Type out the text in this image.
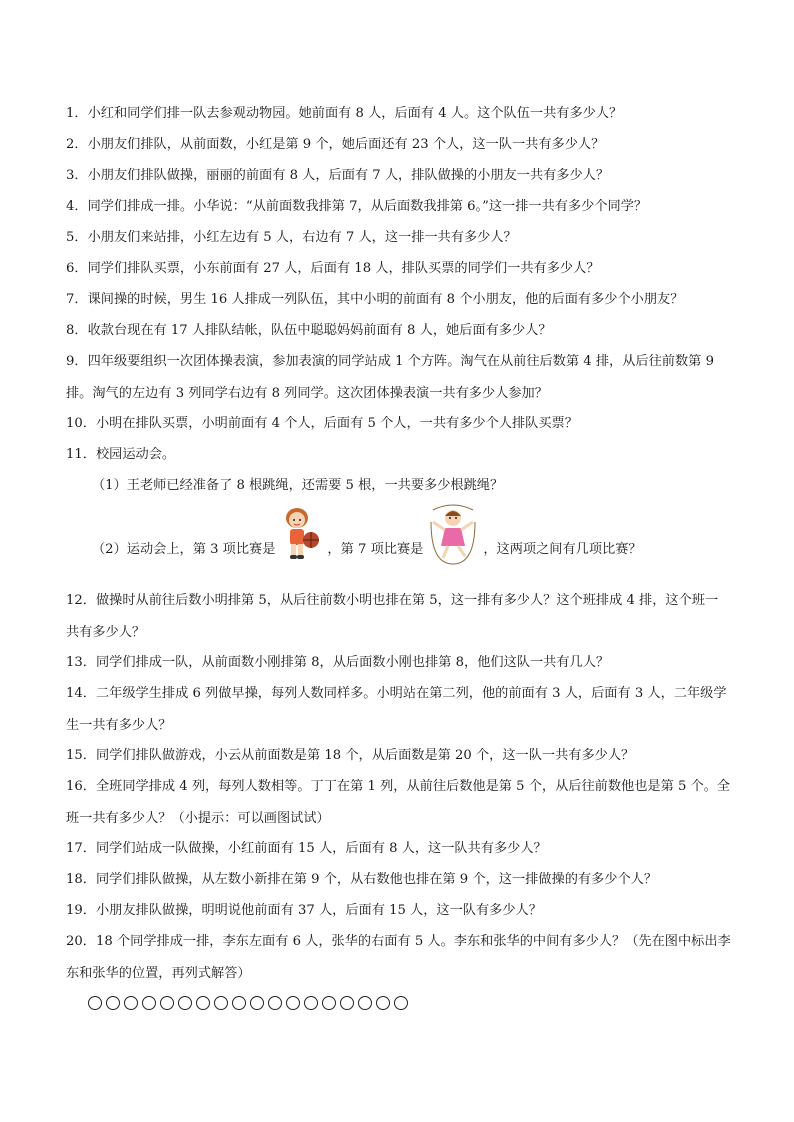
1．小红和同学们排一队去参观动物园。她前面有 8 人，后面有 4 人。这个队伍一共有多少人？
2．小朋友们排队，从前面数，小红是第 9 个，她后面还有 23 个人，这一队一共有多少人？
3．小朋友们排队做操，丽丽的前面有 8 人，后面有 7 人，排队做操的小朋友一共有多少人？
4．同学们排成一排。小华说：“从前面数我排第 7，从后面数我排第 6。”这一排一共有多少个同学？
5．小朋友们来站排，小红左边有 5 人，右边有 7 人，这一排一共有多少人？
6．同学们排队买票，小东前面有 27 人，后面有 18 人，排队买票的同学们一共有多少人？
7．课间操的时候，男生 16 人排成一列队伍，其中小明的前面有 8 个小朋友，他的后面有多少个小朋友？
8．收款台现在有 17 人排队结帐，队伍中聪聪妈妈前面有 8 人，她后面有多少人？
9．四年级要组织一次团体操表演，参加表演的同学站成 1 个方阵。淘气在从前往后数第 4 排，从后往前数第 9 排。淘气的左边有 3 列同学右边有 8 列同学。这次团体操表演一共有多少人参加？
10．小明在排队买票，小明前面有 4 个人，后面有 5 个人，一共有多少个人排队买票？
11．校园运动会。
（1）王老师已经准备了 8 根跳绳，还需要 5 根，一共要多少根跳绳？
（2）运动会上，第 3 项比赛是	，第 7 项比赛是	，这两项之间有几项比赛？
12．做操时从前往后数小明排第 5，从后往前数小明也排在第 5，这一排有多少人？这个班排成 4 排，这个班一共有多少人？
13．同学们排成一队，从前面数小刚排第 8，从后面数小刚也排第 8，他们这队一共有几人？
14．二年级学生排成 6 列做早操，每列人数同样多。小明站在第二列，他的前面有 3 人，后面有 3 人，二年级学生一共有多少人？
15．同学们排队做游戏，小云从前面数是第 18 个，从后面数是第 20 个，这一队一共有多少人？
16．全班同学排成 4 列，每列人数相等。丁丁在第 1 列，从前往后数他是第 5 个，从后往前数他也是第 5 个。全班一共有多少人？（小提示：可以画图试试）
17．同学们站成一队做操，小红前面有 15 人，后面有 8 人，这一队共有多少人？
18．同学们排队做操，从左数小新排在第 9 个，从右数他也排在第 9 个，这一排做操的有多少个人？
19．小朋友排队做操，明明说他前面有 37 人，后面有 15 人，这一队有多少人？
20．18 个同学排成一排，李东左面有 6 人，张华的右面有 5 人。李东和张华的中间有多少人？（先在图中标出李东和张华的位置，再列式解答）
